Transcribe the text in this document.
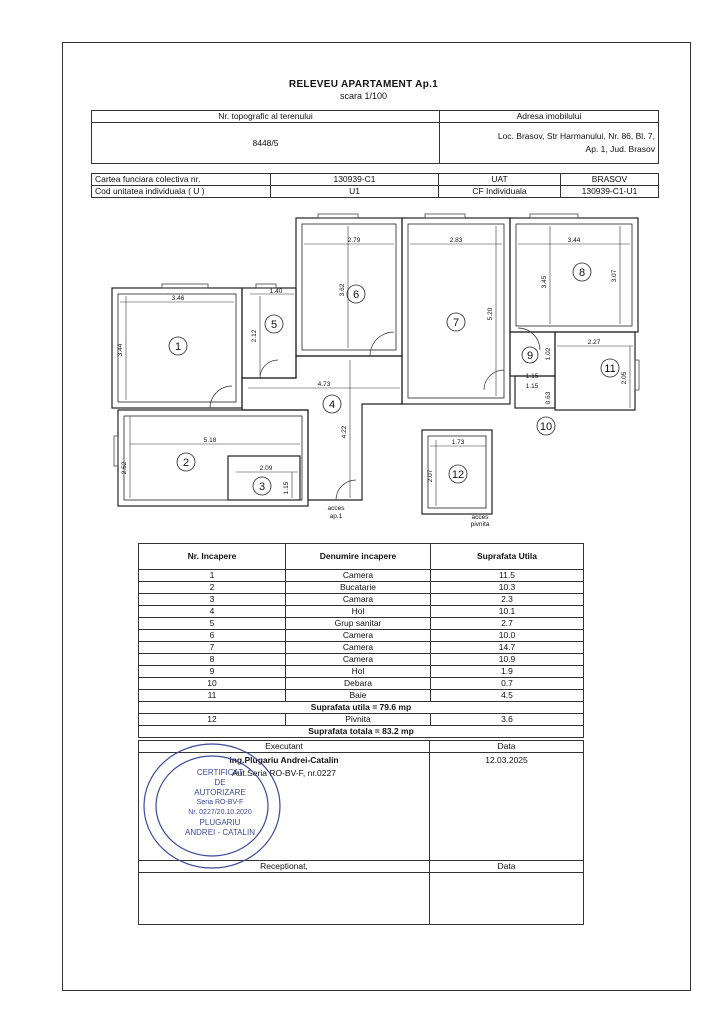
RELEVEU APARTAMENT Ap.1
scara 1/100
Nr. topografic al terenului	Adresa imobilului
8448/5	Loc. Brasov, Str Harmanului, Nr. 86, Bl. 7,
Ap. 1, Jud. Brasov
Cartea funciara colectiva nr.	130939-C1	UAT	BRASOV
Cod unitatea individuala ( U )	U1	CF Individuala	130939-C1-U1
1
2
3
4
5
6
7
8
9
10
11
12
3.46
3.44
1.40
2.12
2.79
3.62
2.83
5.20
3.44
3.45	3.07
2.27
2.05
1.02
1.15
1.15
0.63
4.73
5.18
2.52	2.09
1.15
4.22
1.73
2.07
acces
ap.1	acces
pivnita
Nr. Incapere	Denumire incapere	Suprafata Utila
1	Camera	11.5
2	Bucatarie	10.3
3	Camara	2.3
4	Hol	10.1
5	Grup sanitar	2.7
6	Camera	10.0
7	Camera	14.7
8	Camera	10.9
9	Hol	1.9
10	Debara	0.7
11	Baie	4.5
Suprafata utila = 79.6 mp		
12	Pivnita	3.6
Suprafata totala = 83.2 mp		
Executant	Data

ing.Plugariu Andrei-Catalin
Aut.Seria RO-BV-F, nr.0227	12.03.2025
Receptionat,	Data

CERTIFICAT
DE
AUTORIZARE
Seria RO-BV-F
Nr. 0227/20.10.2020
PLUGARIU
ANDREI - CATALIN
